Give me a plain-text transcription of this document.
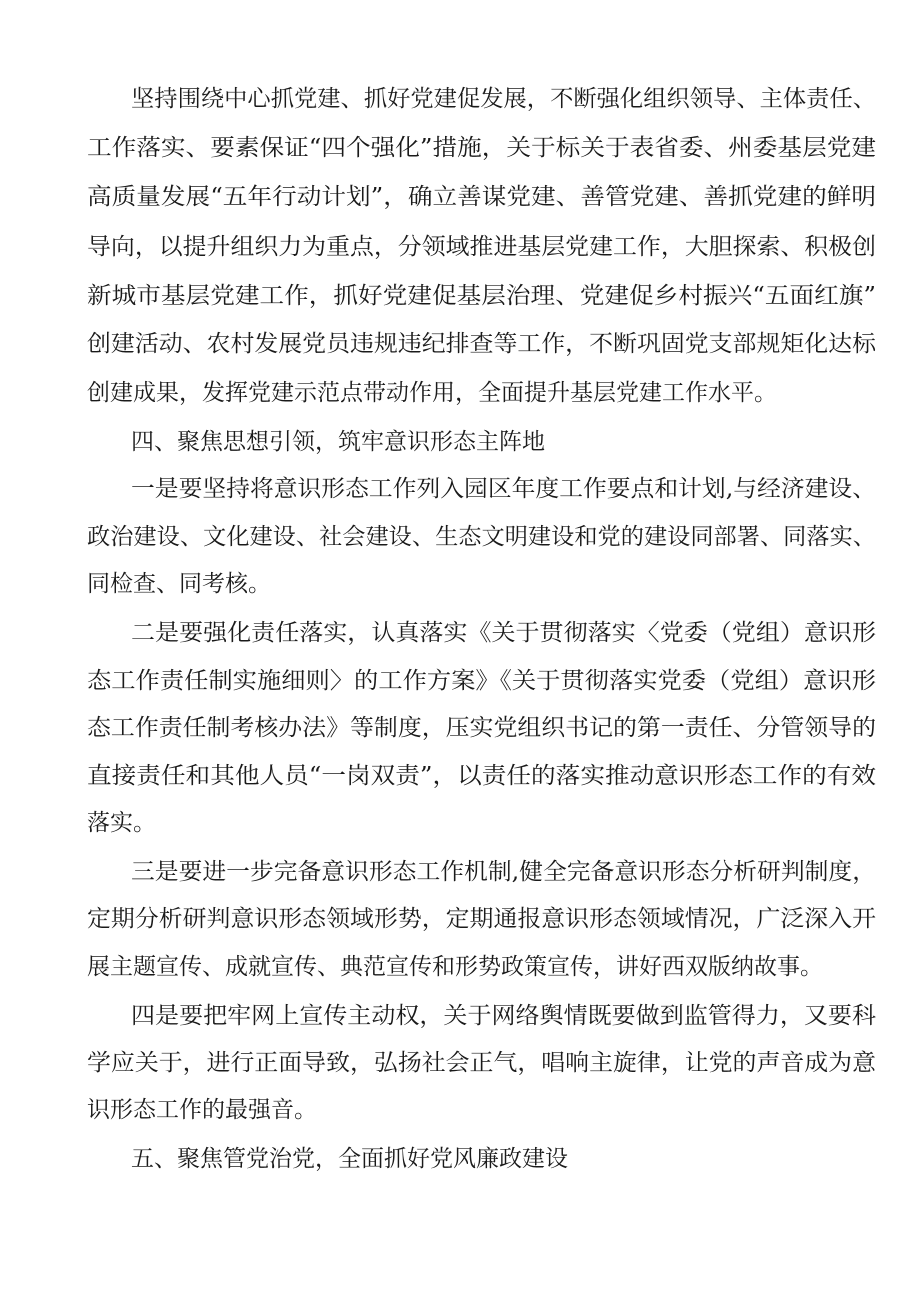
坚持围绕中心抓党建、抓好党建促发展，不断强化组织领导、主体责任、
工作落实、要素保证“四个强化”措施，关于标关于表省委、州委基层党建
高质量发展“五年行动计划”，确立善谋党建、善管党建、善抓党建的鲜明
导向，以提升组织力为重点，分领域推进基层党建工作，大胆探索、积极创
新城市基层党建工作，抓好党建促基层治理、党建促乡村振兴“五面红旗”
创建活动、农村发展党员违规违纪排查等工作，不断巩固党支部规矩化达标
创建成果，发挥党建示范点带动作用，全面提升基层党建工作水平。
四、聚焦思想引领，筑牢意识形态主阵地
一是要坚持将意识形态工作列入园区年度工作要点和计划,与经济建设、
政治建设、文化建设、社会建设、生态文明建设和党的建设同部署、同落实、
同检查、同考核。
二是要强化责任落实，认真落实《关于贯彻落实〈党委（党组）意识形
态工作责任制实施细则〉的工作方案》《关于贯彻落实党委（党组）意识形
态工作责任制考核办法》等制度，压实党组织书记的第一责任、分管领导的
直接责任和其他人员“一岗双责”，以责任的落实推动意识形态工作的有效
落实。
三是要进一步完备意识形态工作机制,健全完备意识形态分析研判制度，
定期分析研判意识形态领域形势，定期通报意识形态领域情况，广泛深入开
展主题宣传、成就宣传、典范宣传和形势政策宣传，讲好西双版纳故事。
四是要把牢网上宣传主动权，关于网络舆情既要做到监管得力，又要科
学应关于，进行正面导致，弘扬社会正气，唱响主旋律，让党的声音成为意
识形态工作的最强音。
五、聚焦管党治党，全面抓好党风廉政建设
